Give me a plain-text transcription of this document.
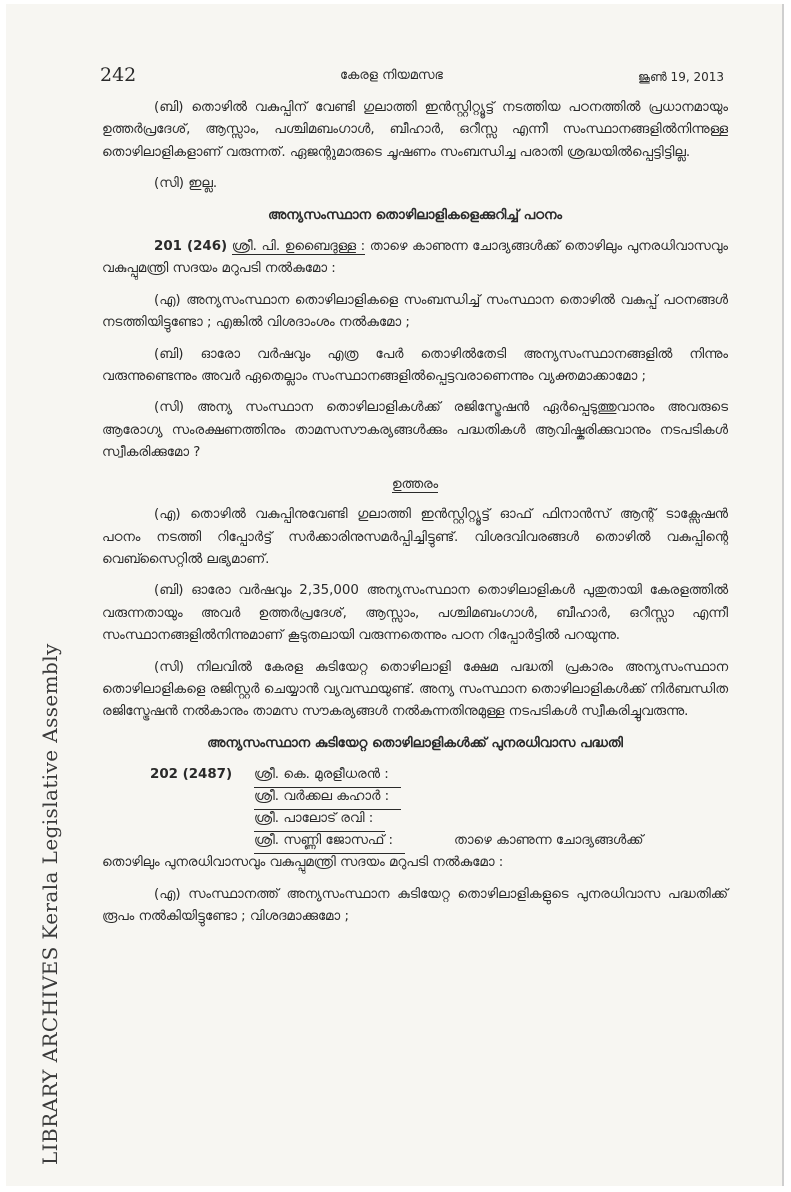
LIBRARY ARCHIVES Kerala Legislative Assembly
242	കേരള നിയമസഭ	ജൂൺ 19, 2013

(ബി) തൊഴിൽ വകുപ്പിന് വേണ്ടി ഗുലാത്തി ഇൻസ്റ്റിറ്റ്യൂട്ട് നടത്തിയ പഠനത്തിൽ പ്രധാനമായും ഉത്തർപ്രദേശ്, ആസ്സാം, പശ്ചിമബംഗാൾ, ബീഹാർ, ഒറീസ്സ എന്നീ സംസ്ഥാനങ്ങളിൽനിന്നുള്ള തൊഴിലാളികളാണ് വരുന്നത്. ഏജന്റുമാരുടെ ചൂഷണം സംബന്ധിച്ച പരാതി ശ്രദ്ധയിൽപ്പെട്ടിട്ടില്ല.

(സി) ഇല്ല.

അന്യസംസ്ഥാന തൊഴിലാളികളെക്കുറിച്ച് പഠനം

201 (246) ശ്രീ. പി. ഉബൈദുള്ള : താഴെ കാണുന്ന ചോദ്യങ്ങൾക്ക് തൊഴിലും പുനരധിവാസവും വകുപ്പുമന്ത്രി സദയം മറുപടി നൽകുമോ :

(എ) അന്യസംസ്ഥാന തൊഴിലാളികളെ സംബന്ധിച്ച് സംസ്ഥാന തൊഴിൽ വകുപ്പ് പഠനങ്ങൾ നടത്തിയിട്ടുണ്ടോ ; എങ്കിൽ വിശദാംശം നൽകുമോ ;

(ബി) ഓരോ വർഷവും എത്ര പേർ തൊഴിൽതേടി അന്യസംസ്ഥാനങ്ങളിൽ നിന്നും വരുന്നുണ്ടെന്നും അവർ ഏതെല്ലാം സംസ്ഥാനങ്ങളിൽപ്പെട്ടവരാണെന്നും വ്യക്തമാക്കാമോ ;

(സി) അന്യ സംസ്ഥാന തൊഴിലാളികൾക്ക് രജിസ്ട്രേഷൻ ഏർപ്പെടുത്തുവാനും അവരുടെ ആരോഗ്യ സംരക്ഷണത്തിനും താമസസൗകര്യങ്ങൾക്കും പദ്ധതികൾ ആവിഷ്കരിക്കുവാനും നടപടികൾ സ്വീകരിക്കുമോ ?

ഉത്തരം

(എ) തൊഴിൽ വകുപ്പിനുവേണ്ടി ഗുലാത്തി ഇൻസ്റ്റിറ്റ്യൂട്ട് ഓഫ് ഫിനാൻസ് ആന്റ് ടാക്സേഷൻ പഠനം നടത്തി റിപ്പോർട്ട് സർക്കാരിനുസമർപ്പിച്ചിട്ടുണ്ട്. വിശദവിവരങ്ങൾ തൊഴിൽ വകുപ്പിന്റെ വെബ്സൈറ്റിൽ ലഭ്യമാണ്.

(ബി) ഓരോ വർഷവും 2,35,000 അന്യസംസ്ഥാന തൊഴിലാളികൾ പുതുതായി കേരളത്തിൽ വരുന്നതായും അവർ ഉത്തർപ്രദേശ്, ആസ്സാം, പശ്ചിമബംഗാൾ, ബീഹാർ, ഒറീസ്സാ എന്നീ സംസ്ഥാനങ്ങളിൽനിന്നുമാണ് കൂടുതലായി വരുന്നതെന്നും പഠന റിപ്പോർട്ടിൽ പറയുന്നു.

(സി) നിലവിൽ കേരള കുടിയേറ്റ തൊഴിലാളി ക്ഷേമ പദ്ധതി പ്രകാരം അന്യസംസ്ഥാന തൊഴിലാളികളെ രജിസ്റ്റർ ചെയ്യാൻ വ്യവസ്ഥയുണ്ട്. അന്യ സംസ്ഥാന തൊഴിലാളികൾക്ക് നിർബന്ധിത രജിസ്ട്രേഷൻ നൽകാനും താമസ സൗകര്യങ്ങൾ നൽകുന്നതിനുമുള്ള നടപടികൾ സ്വീകരിച്ചുവരുന്നു.

അന്യസംസ്ഥാന കുടിയേറ്റ തൊഴിലാളികൾക്ക് പുനരധിവാസ പദ്ധതി

202 (2487) ശ്രീ. കെ. മുരളീധരൻ :
ശ്രീ. വർക്കല കഹാർ :
ശ്രീ. പാലോട് രവി :
ശ്രീ. സണ്ണി ജോസഫ് :	താഴെ കാണുന്ന ചോദ്യങ്ങൾക്ക്

തൊഴിലും പുനരധിവാസവും വകുപ്പുമന്ത്രി സദയം മറുപടി നൽകുമോ :

(എ) സംസ്ഥാനത്ത് അന്യസംസ്ഥാന കുടിയേറ്റ തൊഴിലാളികളുടെ പുനരധിവാസ പദ്ധതിക്ക് രൂപം നൽകിയിട്ടുണ്ടോ ; വിശദമാക്കുമോ ;
